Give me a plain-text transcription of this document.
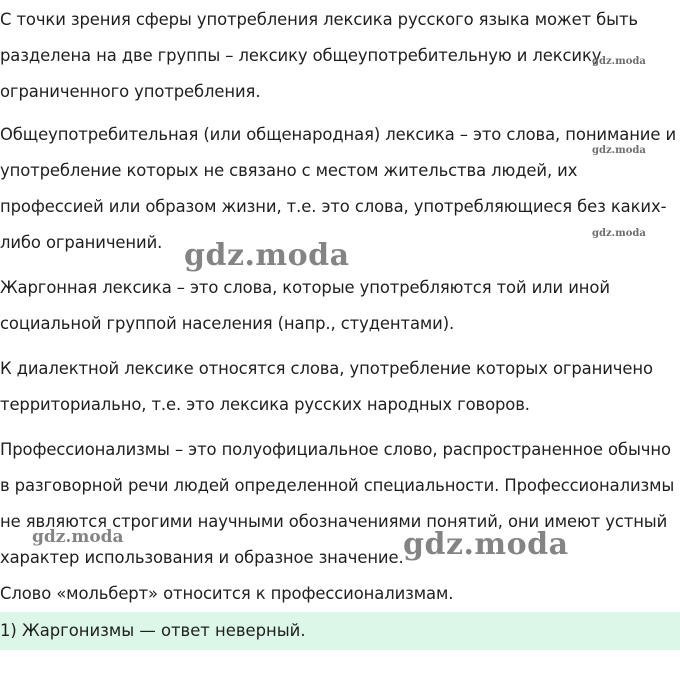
С точки зрения сферы употребления лексика русского языка может быть
разделена на две группы – лексику общеупотребительную и лексику
ограниченного употребления.

Общеупотребительная (или общенародная) лексика – это слова, понимание и
употребление которых не связано с местом жительства людей, их
профессией или образом жизни, т.е. это слова, употребляющиеся без каких-
либо ограничений.

Жаргонная лексика – это слова, которые употребляются той или иной
социальной группой населения (напр., студентами).

К диалектной лексике относятся слова, употребление которых ограничено
территориально, т.е. это лексика русских народных говоров.

Профессионализмы – это полуофициальное слово, распространенное обычно
в разговорной речи людей определенной специальности. Профессионализмы
не являются строгими научными обозначениями понятий, они имеют устный
характер использования и образное значение.

Слово «мольберт» относится к профессионализмам.

1) Жаргонизмы — ответ неверный.
gdz.moda
gdz.moda
gdz.moda
gdz.moda
gdz.moda	gdz.moda
